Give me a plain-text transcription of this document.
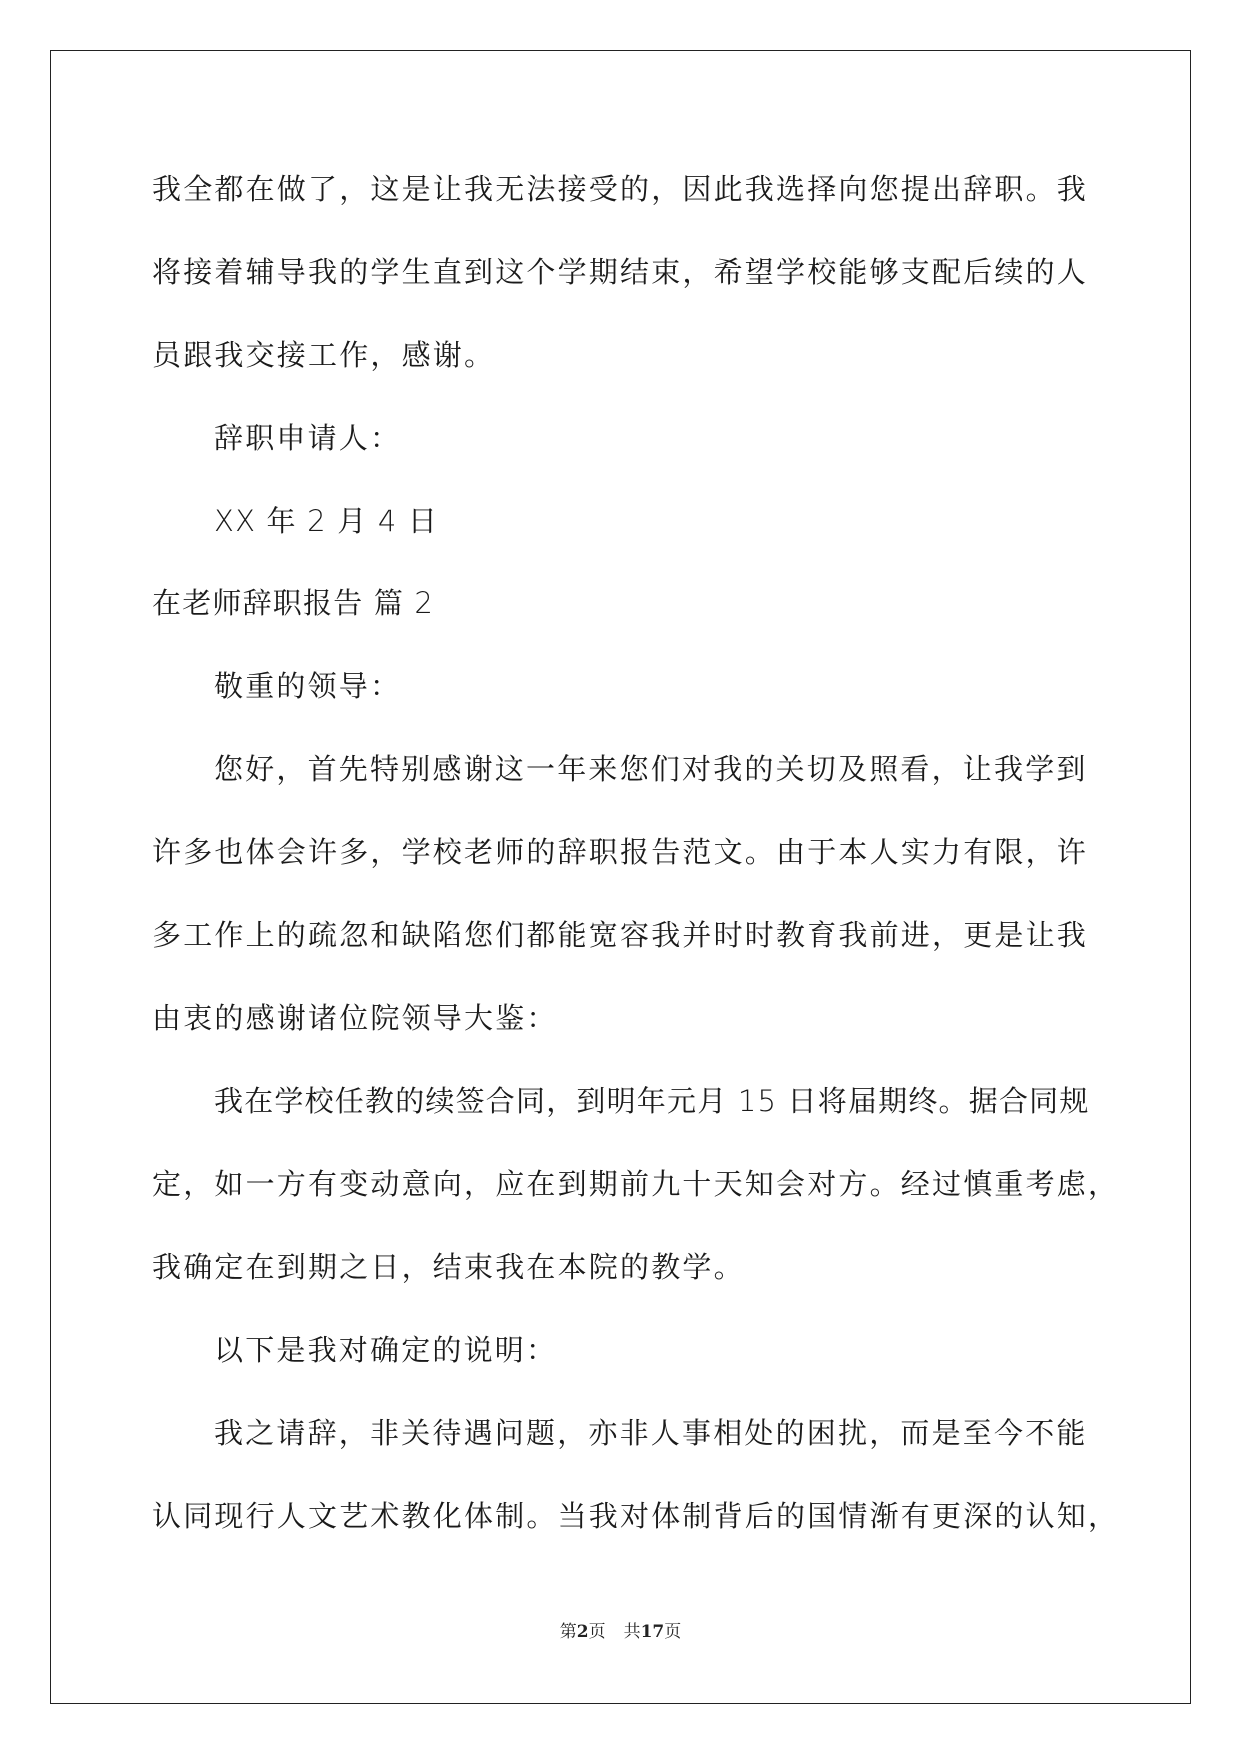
我全都在做了，这是让我无法接受的，因此我选择向您提出辞职。我
将接着辅导我的学生直到这个学期结束，希望学校能够支配后续的人
员跟我交接工作，感谢。
辞职申请人：
XX 年 2 月 4 日
在老师辞职报告 篇 2
敬重的领导：
您好，首先特别感谢这一年来您们对我的关切及照看，让我学到
许多也体会许多，学校老师的辞职报告范文。由于本人实力有限，许
多工作上的疏忽和缺陷您们都能宽容我并时时教育我前进，更是让我
由衷的感谢诸位院领导大鉴：
我在学校任教的续签合同，到明年元月 15 日将届期终。据合同规
定，如一方有变动意向，应在到期前九十天知会对方。经过慎重考虑，
我确定在到期之日，结束我在本院的教学。
以下是我对确定的说明：
我之请辞，非关待遇问题，亦非人事相处的困扰，而是至今不能
认同现行人文艺术教化体制。当我对体制背后的国情渐有更深的认知，
第2页 共17页
